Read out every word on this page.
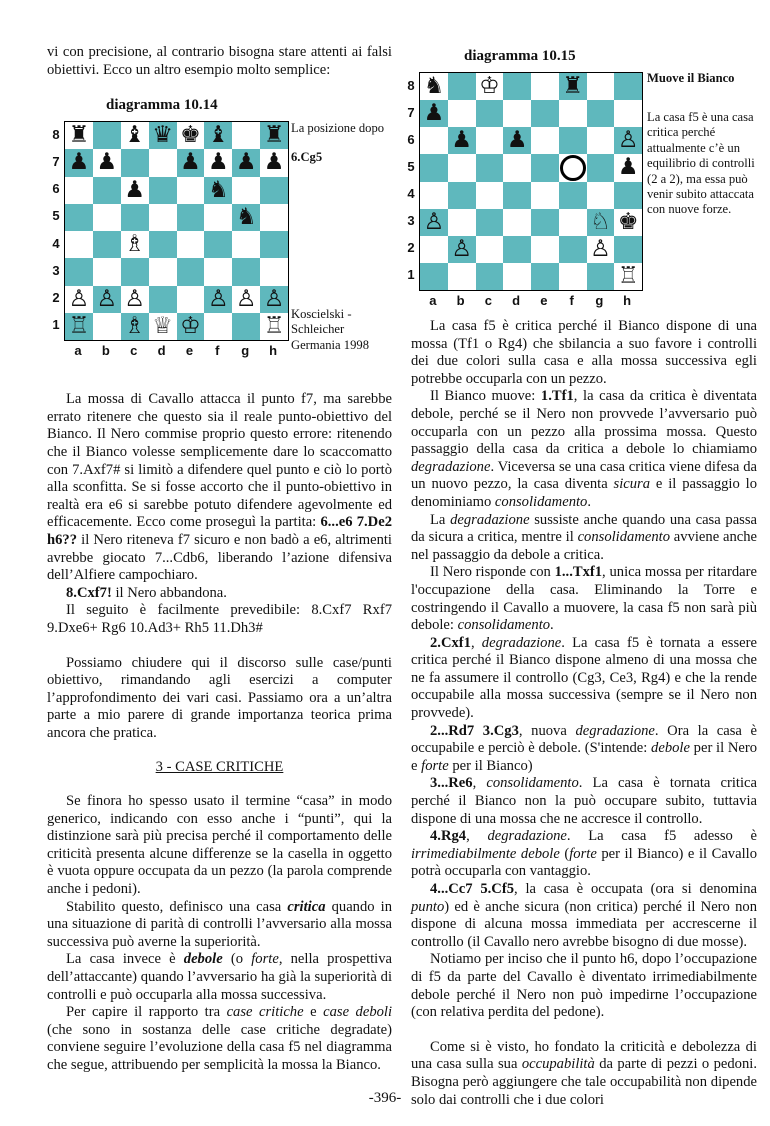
vi con precisione, al contrario bisogna stare attenti ai falsi obiettivi. Ecco un altro esempio molto semplice:

La mossa di Cavallo attacca il punto f7, ma sarebbe errato ritenere che questo sia il reale punto-obiettivo del Bianco. Il Nero commise proprio questo errore: ritenendo che il Bianco volesse semplicemente dare lo scaccomatto con 7.Axf7# si limitò a difendere quel punto e ciò lo portò alla sconfitta. Se si fosse accorto che il punto-obiettivo in realtà era e6 si sarebbe potuto difendere agevolmente ed efficacemente. Ecco come proseguì la partita: 6...e6 7.De2 h6?? il Nero riteneva f7 sicuro e non badò a e6, altrimenti avrebbe giocato 7...Cdb6, liberando l’azione difensiva dell’Alfiere campochiaro.

8.Cxf7! il Nero abbandona.

Il seguito è facilmente prevedibile: 8.Cxf7 Rxf7 9.Dxe6+ Rg6 10.Ad3+ Rh5 11.Dh3#

Possiamo chiudere qui il discorso sulle case/punti obiettivo, rimandando agli esercizi a computer l’approfondimento dei vari casi. Passiamo ora a un’altra parte a mio parere di grande importanza teorica prima ancora che pratica.

3 - CASE CRITICHE

Se finora ho spesso usato il termine “casa” in modo generico, indicando con esso anche i “punti”, qui la distinzione sarà più precisa perché il comportamento delle criticità presenta alcune differenze se la casella in oggetto è vuota oppure occupata da un pezzo (la parola comprende anche i pedoni).

Stabilito questo, definisco una casa critica quando in una situazione di parità di controlli l’avversario alla mossa successiva può averne la superiorità.

La casa invece è debole (o forte, nella prospettiva dell’attaccante) quando l’avversario ha già la superiorità di controlli e può occuparla alla mossa successiva.

Per capire il rapporto tra case critiche e case deboli (che sono in sostanza delle case critiche degradate) conviene seguire l’evoluzione della casa f5 nel diagramma che segue, attribuendo per semplicità la mossa la Bianco.

diagramma 10.14
♜ ♝ ♛ ♚ ♝ ♜
♟ ♟	♟ ♟ ♟ ♟
♟	♞
♞
♗
♙ ♙ ♙	♙ ♙ ♙
♖ ♗ ♕ ♔	♖
8
7
6
5
4
3
2
1
a b c d e f g h
La posizione dopo
6.Cg5
Koscielski - Schleicher Germania 1998
diagramma 10.15
♞ ♔	♜
♟
♟ ♟	♙
♟
♙	♘ ♚
♙	♙
♖
8
7
6
5
4
3
2
1
a b c d e f g h
Muove il Bianco
La casa f5 è una casa critica perché attualmente c’è un equilibrio di controlli (2 a 2), ma essa può venir subito attaccata con nuove forze.

La casa f5 è critica perché il Bianco dispone di una mossa (Tf1 o Rg4) che sbilancia a suo favore i controlli dei due colori sulla casa e alla mossa successiva egli potrebbe occuparla con un pezzo.

Il Bianco muove: 1.Tf1, la casa da critica è diventata debole, perché se il Nero non provvede l’avversario può occuparla con un pezzo alla prossima mossa. Questo passaggio della casa da critica a debole lo chiamiamo degradazione. Viceversa se una casa critica viene difesa da un nuovo pezzo, la casa diventa sicura e il passaggio lo denominiamo consolidamento.

La degradazione sussiste anche quando una casa passa da sicura a critica, mentre il consolidamento avviene anche nel passaggio da debole a critica.

Il Nero risponde con 1...Txf1, unica mossa per ritardare l'occupazione della casa. Eliminando la Torre e costringendo il Cavallo a muovere, la casa f5 non sarà più debole: consolidamento.

2.Cxf1, degradazione. La casa f5 è tornata a essere critica perché il Bianco dispone almeno di una mossa che ne fa assumere il controllo (Cg3, Ce3, Rg4) e che la rende occupabile alla mossa successiva (sempre se il Nero non provvede).

2...Rd7 3.Cg3, nuova degradazione. Ora la casa è occupabile e perciò è debole. (S'intende: debole per il Nero e forte per il Bianco)

3...Re6, consolidamento. La casa è tornata critica perché il Bianco non la può occupare subito, tuttavia dispone di una mossa che ne accresce il controllo.

4.Rg4, degradazione. La casa f5 adesso è irrimediabilmente debole (forte per il Bianco) e il Cavallo potrà occuparla con vantaggio.

4...Cc7 5.Cf5, la casa è occupata (ora si denomina punto) ed è anche sicura (non critica) perché il Nero non dispone di alcuna mossa immediata per accrescerne il controllo (il Cavallo nero avrebbe bisogno di due mosse).

Notiamo per inciso che il punto h6, dopo l’occupazione di f5 da parte del Cavallo è diventato irrimediabilmente debole perché il Nero non può impedirne l’occupazione (con relativa perdita del pedone).

Come si è visto, ho fondato la criticità e debolezza di una casa sulla sua occupabilità da parte di pezzi o pedoni. Bisogna però aggiungere che tale occupabilità non dipende solo dai controlli che i due colori

-396-
